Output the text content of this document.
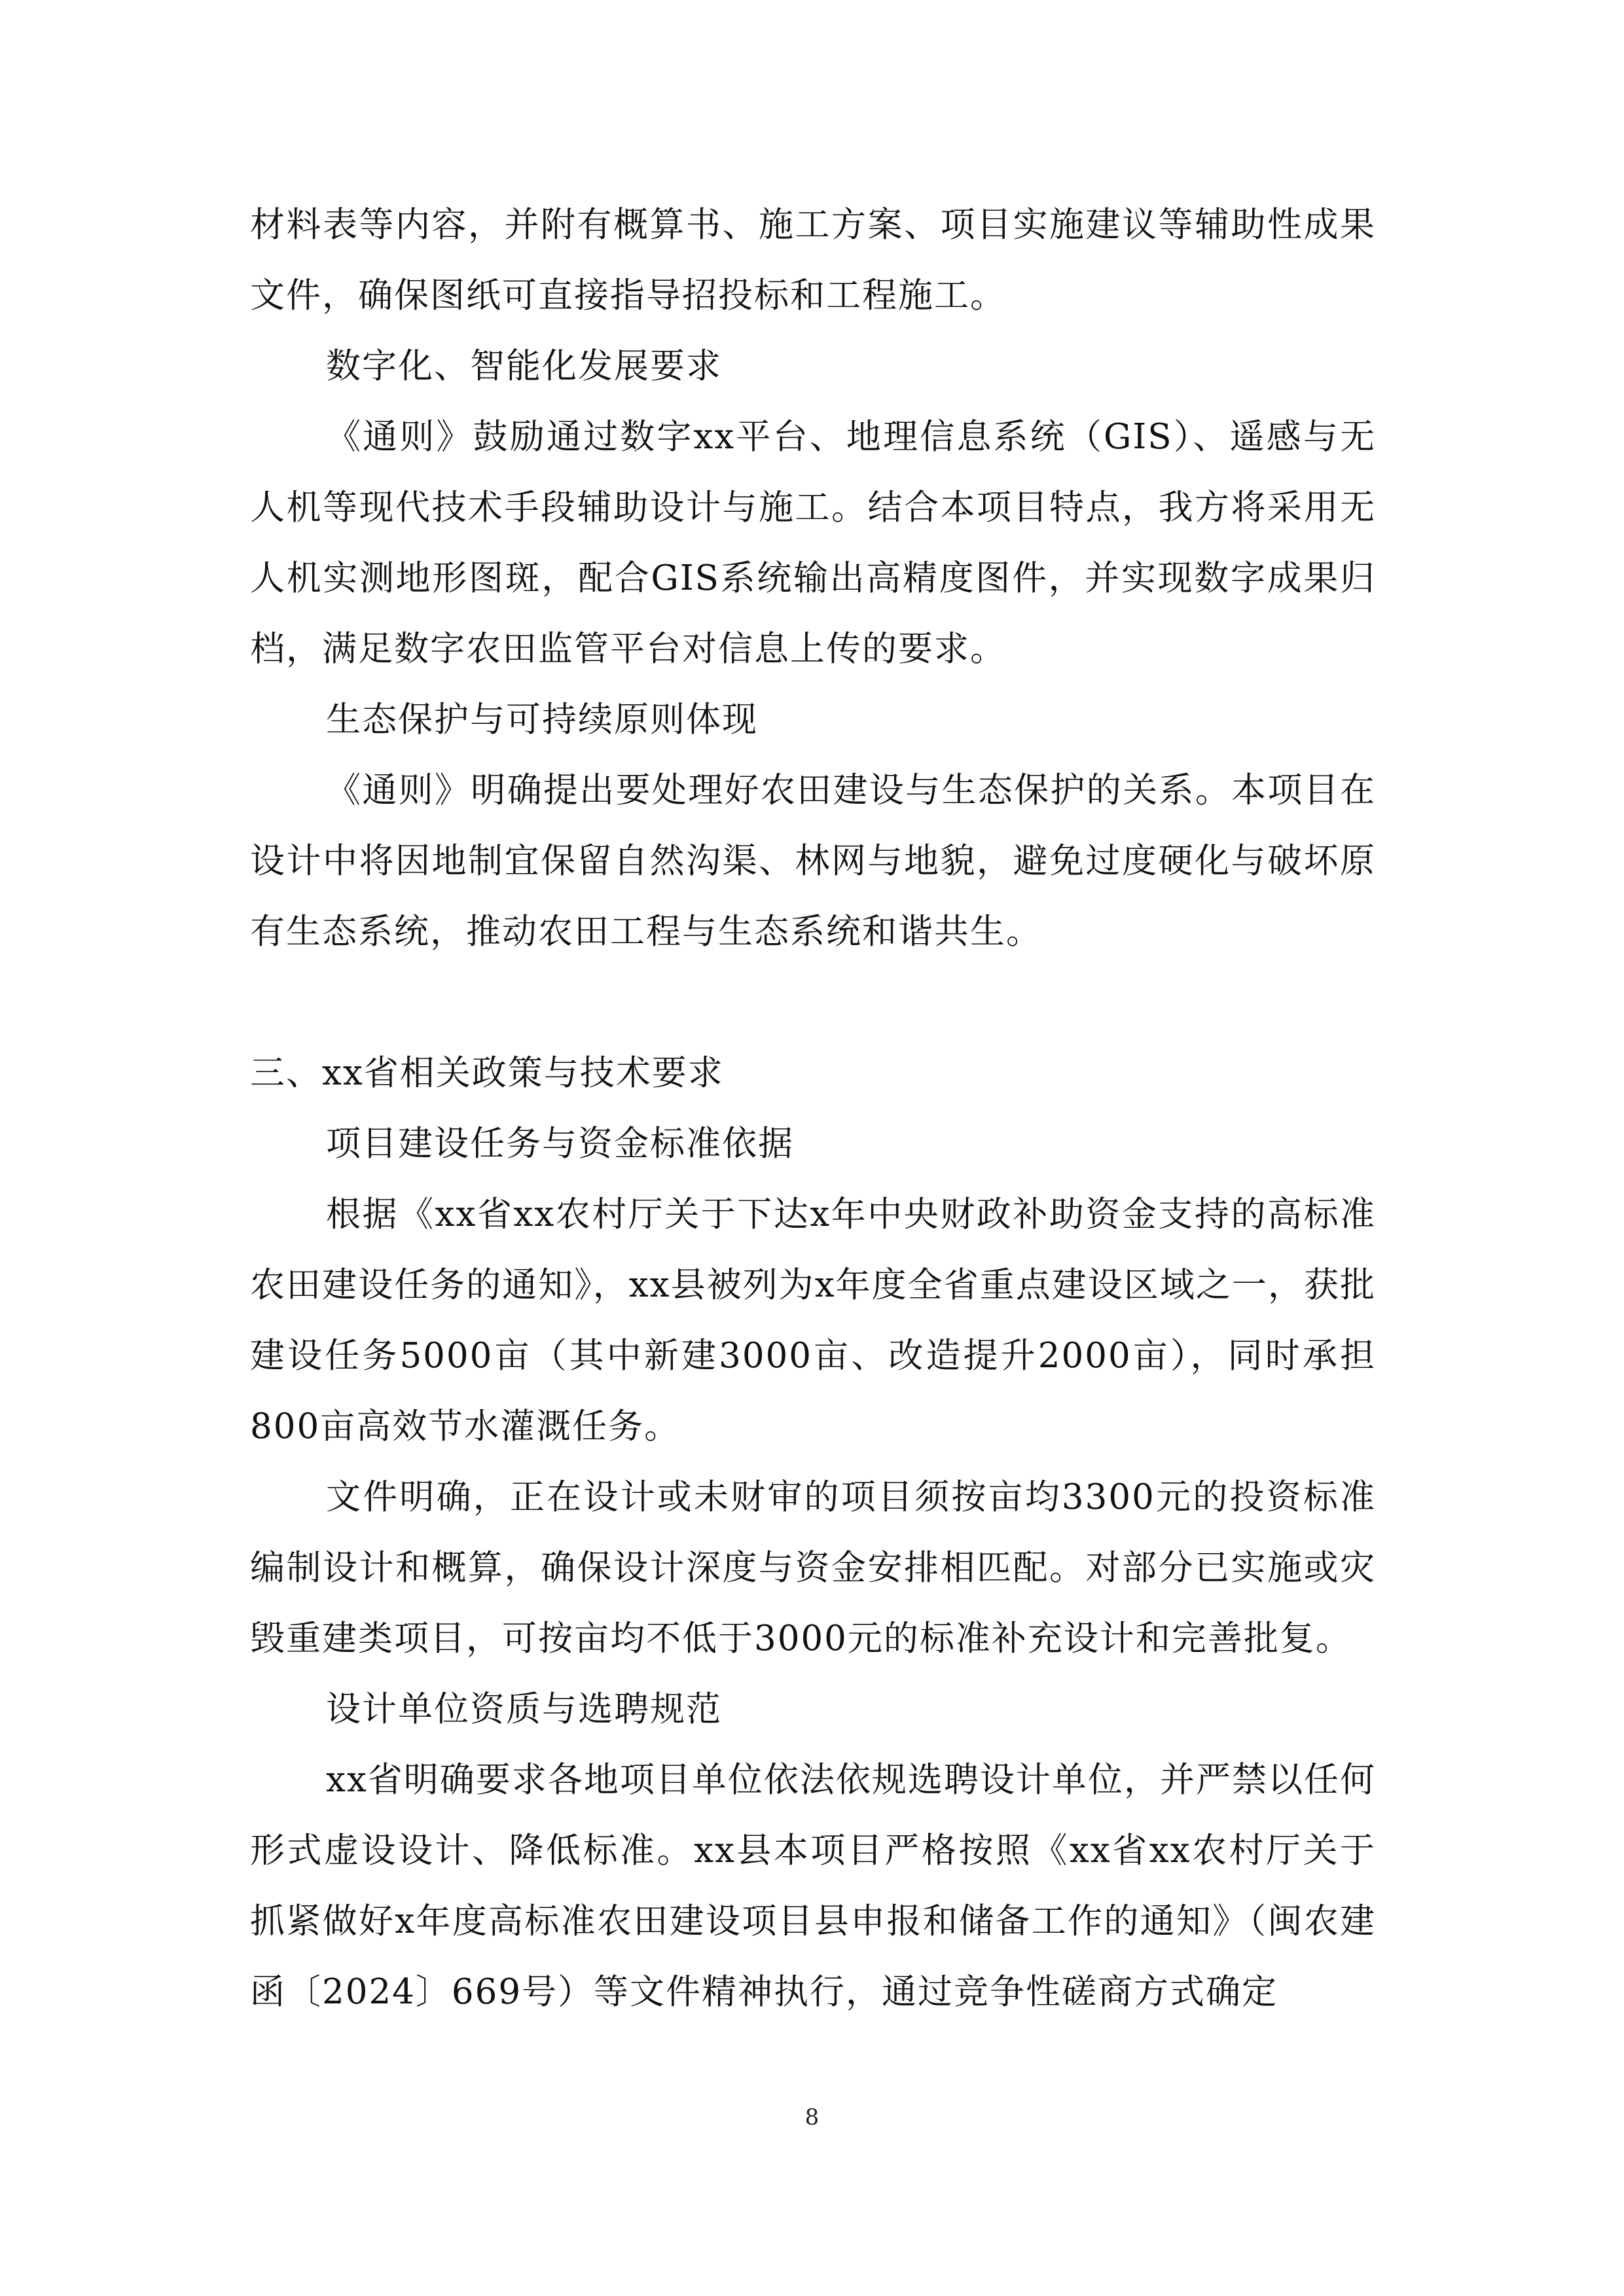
材料表等内容，并附有概算书、施工方案、项目实施建议等辅助性成果文件，确保图纸可直接指导招投标和工程施工。

数字化、智能化发展要求

《通则》鼓励通过数字xx平台、地理信息系统（GIS）、遥感与无人机等现代技术手段辅助设计与施工。结合本项目特点，我方将采用无人机实测地形图斑，配合GIS系统输出高精度图件，并实现数字成果归档，满足数字农田监管平台对信息上传的要求。

生态保护与可持续原则体现

《通则》明确提出要处理好农田建设与生态保护的关系。本项目在设计中将因地制宜保留自然沟渠、林网与地貌，避免过度硬化与破坏原有生态系统，推动农田工程与生态系统和谐共生。

三、xx省相关政策与技术要求

项目建设任务与资金标准依据

根据《xx省xx农村厅关于下达x年中央财政补助资金支持的高标准农田建设任务的通知》，xx县被列为x年度全省重点建设区域之一，获批建设任务5000亩（其中新建3000亩、改造提升2000亩），同时承担800亩高效节水灌溉任务。

文件明确，正在设计或未财审的项目须按亩均3300元的投资标准编制设计和概算，确保设计深度与资金安排相匹配。对部分已实施或灾毁重建类项目，可按亩均不低于3000元的标准补充设计和完善批复。

设计单位资质与选聘规范

xx省明确要求各地项目单位依法依规选聘设计单位，并严禁以任何形式虚设设计、降低标准。xx县本项目严格按照《xx省xx农村厅关于抓紧做好x年度高标准农田建设项目县申报和储备工作的通知》（闽农建函〔2024〕669号）等文件精神执行，通过竞争性磋商方式确定

8
